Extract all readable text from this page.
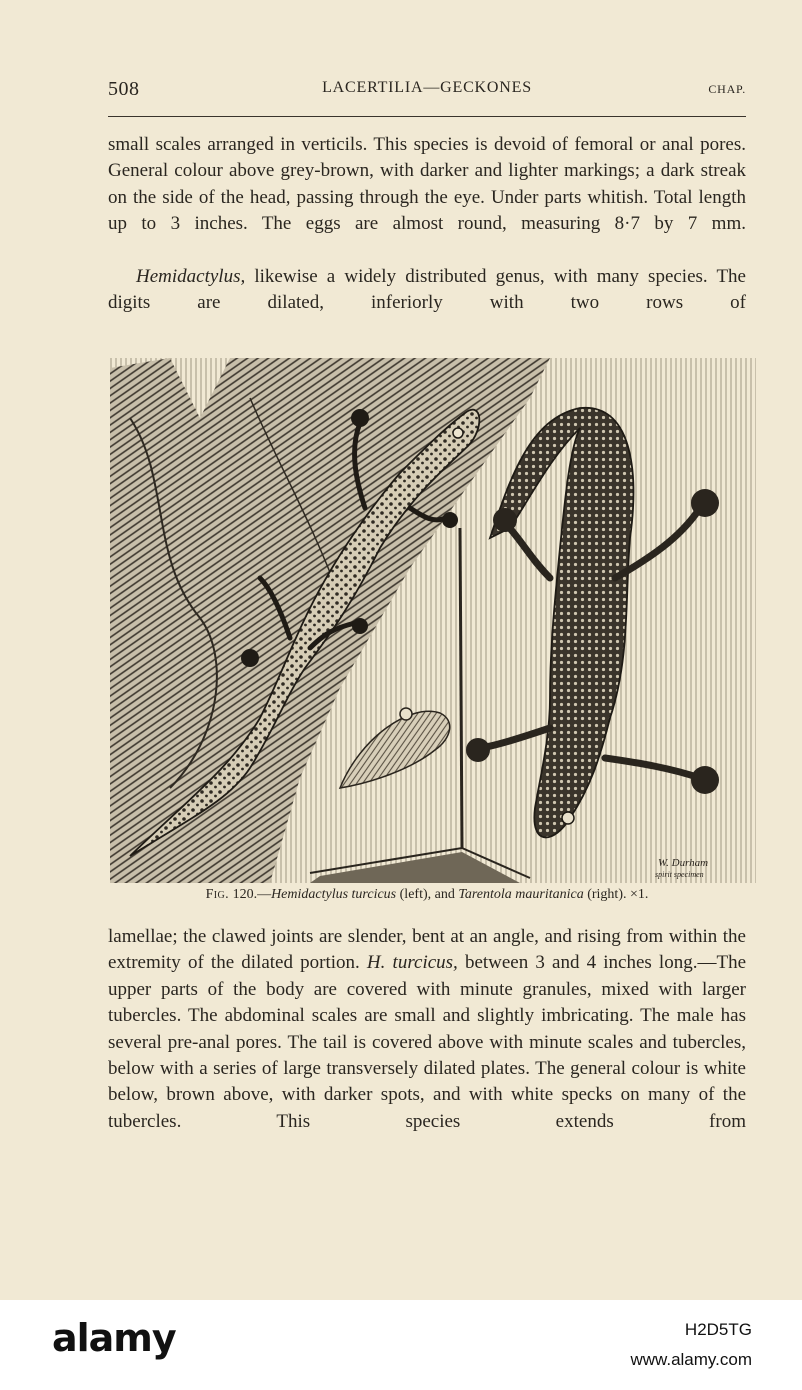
508	LACERTILIA—GECKONES	CHAP.

small scales arranged in verticils. This species is devoid of femoral or anal pores. General colour above grey-brown, with darker and lighter markings; a dark streak on the side of the head, passing through the eye. Under parts whitish. Total length up to 3 inches. The eggs are almost round, measuring 8·7 by 7 mm.

Hemidactylus, likewise a widely distributed genus, with many species. The digits are dilated, inferiorly with two rows of

W. Durham
spirit specimen
Fig. 120.—Hemidactylus turcicus (left), and Tarentola mauritanica (right). ×1.

lamellae; the clawed joints are slender, bent at an angle, and rising from within the extremity of the dilated portion. H. turcicus, between 3 and 4 inches long.—The upper parts of the body are covered with minute granules, mixed with larger tubercles. The abdominal scales are small and slightly imbricating. The male has several pre-anal pores. The tail is covered above with minute scales and tubercles, below with a series of large transversely dilated plates. The general colour is white below, brown above, with darker spots, and with white specks on many of the tubercles. This species extends from

alamy	H2D5TG
www.alamy.com
